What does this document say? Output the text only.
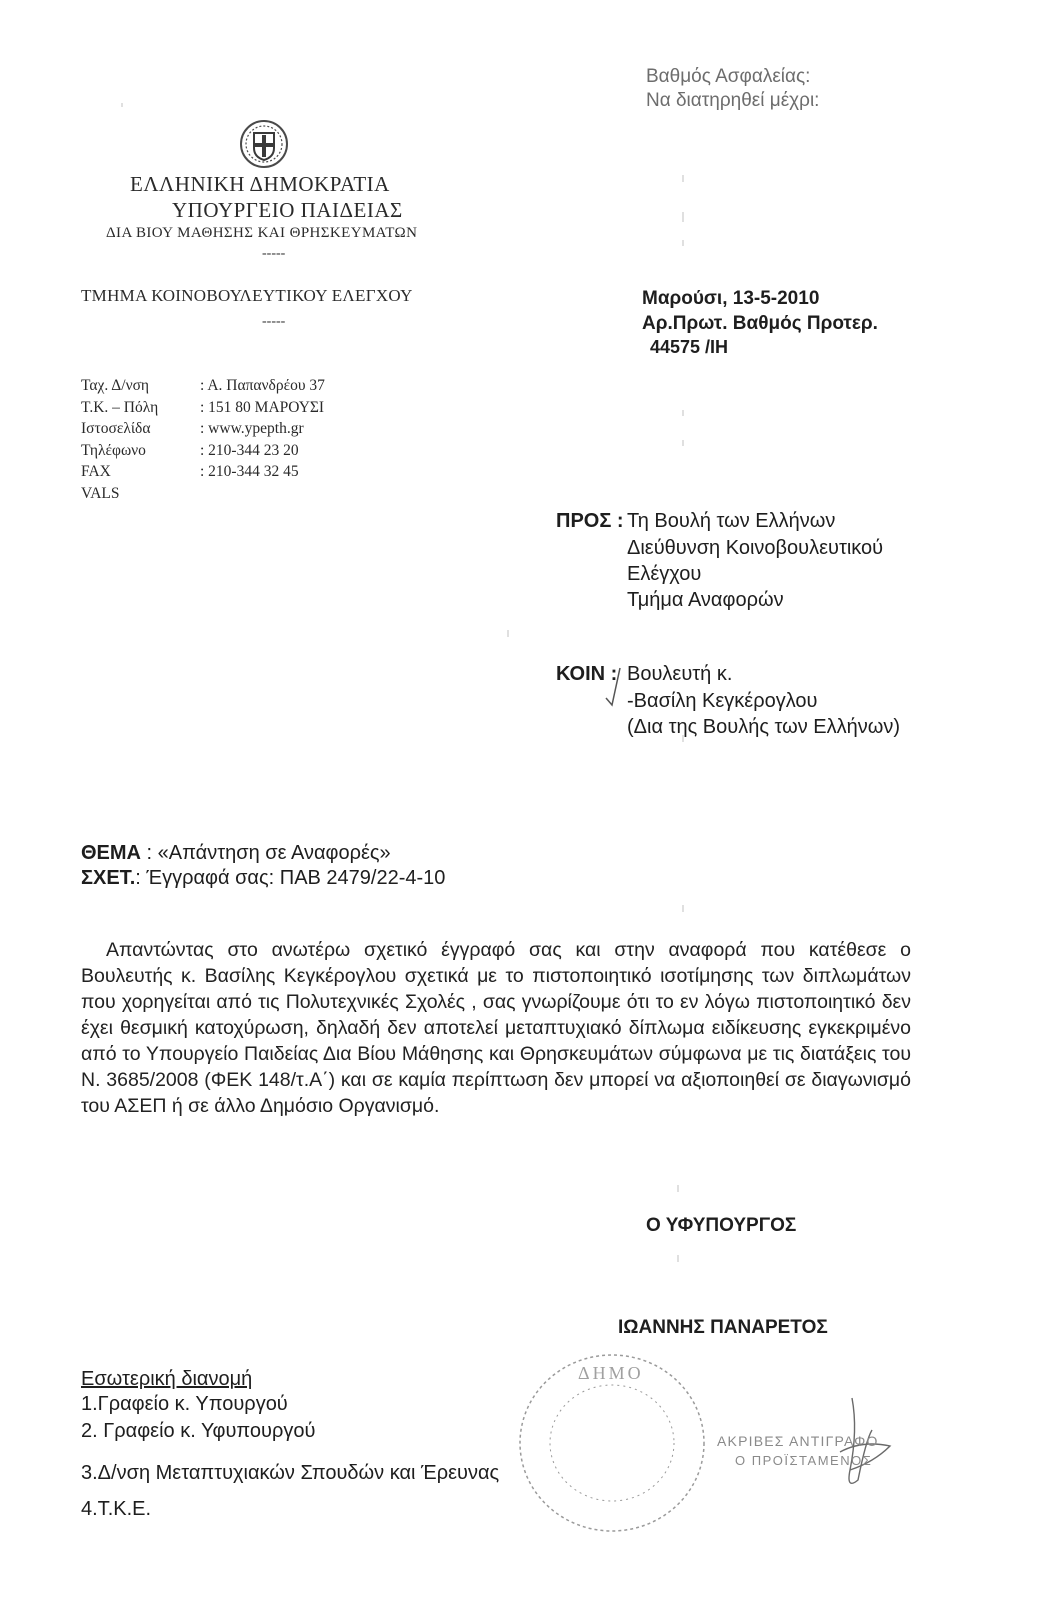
ΕΛΛΗΝΙΚΗ ΔΗΜΟΚΡΑΤΙΑ
ΥΠΟΥΡΓΕΙΟ ΠΑΙΔΕΙΑΣ
ΔΙΑ ΒΙΟΥ ΜΑΘΗΣΗΣ ΚΑΙ ΘΡΗΣΚΕΥΜΑΤΩΝ
-----
ΤΜΗΜΑ ΚΟΙΝΟΒΟΥΛΕΥΤΙΚΟΥ ΕΛΕΓΧΟΥ
-----
Ταχ. Δ/νση	: Α. Παπανδρέου 37
Τ.Κ. – Πόλη	: 151 80 ΜΑΡΟΥΣΙ
Ιστοσελίδα	: www.ypepth.gr
Τηλέφωνο	: 210-344 23 20
FAX	: 210-344 32 45
VALS
Βαθμός Ασφαλείας:
Να διατηρηθεί μέχρι:
Μαρούσι, 13-5-2010
Αρ.Πρωτ. Βαθμός Προτερ.
44575 /ΙΗ
ΠΡΟΣ : Τη Βουλή των Ελλήνων
Διεύθυνση Κοινοβουλευτικού
Ελέγχου
Τμήμα Αναφορών
ΚΟΙΝ : Βουλευτή κ.
-Βασίλη Κεγκέρογλου
(Δια της Βουλής των Ελλήνων)
ΘΕΜΑ : «Απάντηση σε Αναφορές»
ΣΧΕΤ.: Έγγραφά σας: ΠΑΒ 2479/22-4-10
Απαντώντας στο ανωτέρω σχετικό έγγραφό σας και στην αναφορά που κατέθεσε ο Βουλευτής κ. Βασίλης Κεγκέρογλου σχετικά με το πιστοποιητικό ισοτίμησης των διπλωμάτων που χορηγείται από τις Πολυτεχνικές Σχολές , σας γνωρίζουμε ότι το εν λόγω πιστοποιητικό δεν έχει θεσμική κατοχύρωση, δηλαδή δεν αποτελεί μεταπτυχιακό δίπλωμα ειδίκευσης εγκεκριμένο από το Υπουργείο Παιδείας Δια Βίου Μάθησης και Θρησκευμάτων σύμφωνα με τις διατάξεις του Ν. 3685/2008 (ΦΕΚ 148/τ.Α΄) και σε καμία περίπτωση δεν μπορεί να αξιοποιηθεί σε διαγωνισμό του ΑΣΕΠ ή σε άλλο Δημόσιο Οργανισμό.
Ο ΥΦΥΠΟΥΡΓΟΣ
ΙΩΑΝΝΗΣ ΠΑΝΑΡΕΤΟΣ
Εσωτερική διανομή
1.Γραφείο κ. Υπουργού
2. Γραφείο κ. Υφυπουργού
3.Δ/νση Μεταπτυχιακών Σπουδών και Έρευνας
4.Τ.Κ.Ε.
ΔΗΜΟ
ΑΚΡΙΒΕΣ ΑΝΤΙΓΡΑΦΟ
Ο ΠΡΟΪΣΤΑΜΕΝΟΣ
